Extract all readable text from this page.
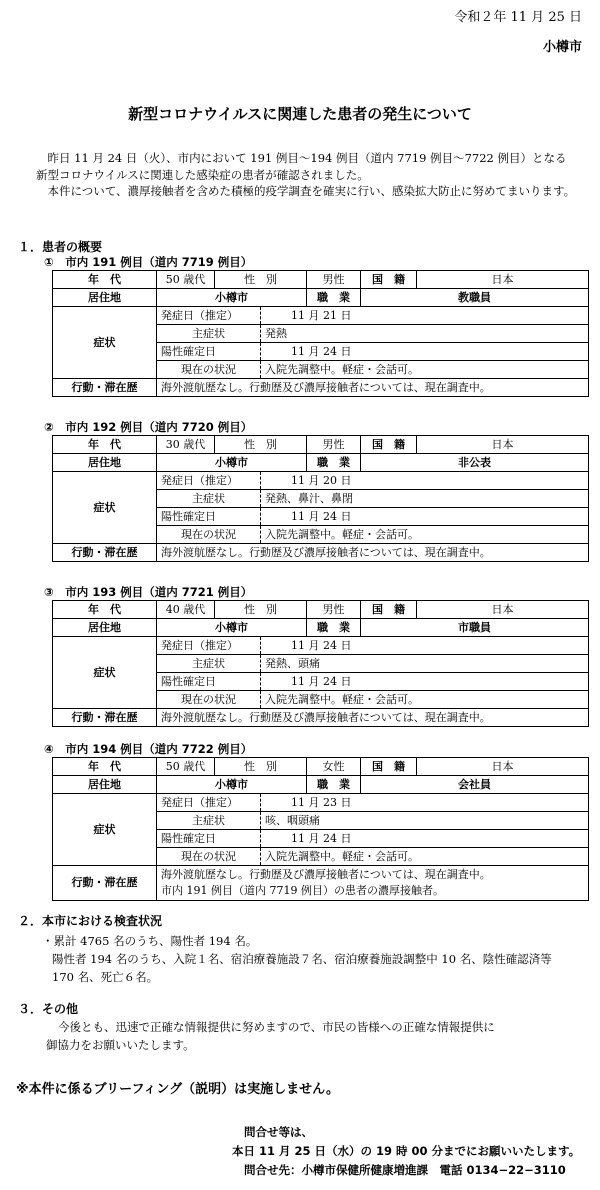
令和２年 11 月 25 日
小樽市
新型コロナウイルスに関連した患者の発生について

昨日 11 月 24 日（火）、市内において 191 例目〜194 例目（道内 7719 例目〜7722 例目）となる新型コロナウイルスに関連した感染症の患者が確認されました。

本件について、濃厚接触者を含めた積極的疫学調査を確実に行い、感染拡大防止に努めてまいります。

１．患者の概要
①　市内 191 例目（道内 7719 例目）
年　代	50 歳代	性　別		男性	国　籍	日本
居住地	小樽市			職　業	教職員	
症状	発症日（推定）		11 月 21 日			
	主症状		発熱			
	陽性確定日		11 月 24 日			
	現在の状況		入院先調整中。軽症・会話可。			
行動・滞在歴	海外渡航歴なし。行動歴及び濃厚接触者については、現在調査中。					
②　市内 192 例目（道内 7720 例目）
年　代	30 歳代	性　別		男性	国　籍	日本
居住地	小樽市			職　業	非公表	
症状	発症日（推定）		11 月 20 日			
	主症状		発熱、鼻汁、鼻閉			
	陽性確定日		11 月 24 日			
	現在の状況		入院先調整中。軽症・会話可。			
行動・滞在歴	海外渡航歴なし。行動歴及び濃厚接触者については、現在調査中。					
③　市内 193 例目（道内 7721 例目）
年　代	40 歳代	性　別		男性	国　籍	日本
居住地	小樽市			職　業	市職員	
症状	発症日（推定）		11 月 24 日			
	主症状		発熱、頭痛			
	陽性確定日		11 月 24 日			
	現在の状況		入院先調整中。軽症・会話可。			
行動・滞在歴	海外渡航歴なし。行動歴及び濃厚接触者については、現在調査中。					
④　市内 194 例目（道内 7722 例目）
年　代	50 歳代	性　別		女性	国　籍	日本
居住地	小樽市			職　業	会社員	
症状	発症日（推定）		11 月 23 日			
	主症状		咳、咽頭痛			
	陽性確定日		11 月 24 日			
	現在の状況		入院先調整中。軽症・会話可。			
行動・滞在歴	海外渡航歴なし。行動歴及び濃厚接触者については、現在調査中。
市内 191 例目（道内 7719 例目）の患者の濃厚接触者。					
２．本市における検査状況
・累計 4765 名のうち、陽性者 194 名。
陽性者 194 名のうち、入院１名、宿泊療養施設７名、宿泊療養施設調整中 10 名、陰性確認済等
170 名、死亡６名。
３．その他
今後とも、迅速で正確な情報提供に努めますので、市民の皆様への正確な情報提供に
御協力をお願いいたします。
※本件に係るブリーフィング（説明）は実施しません。
問合せ等は、
本日 11 月 25 日（水）の 19 時 00 分までにお願いいたします。
問合せ先：小樽市保健所健康増進課　電話 0134−22−3110
